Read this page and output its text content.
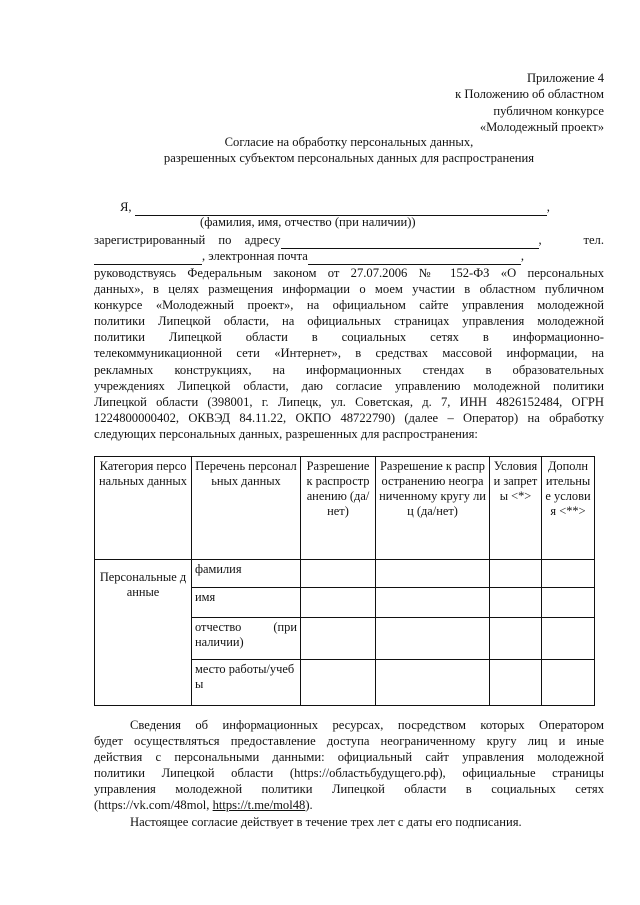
Приложение 4
к Положению об областном
публичном конкурсе
«Молодежный проект»
Согласие на обработку персональных данных,
разрешенных субъектом персональных данных для распространения
Я,	,
(фамилия, имя, отчество (при наличии))
зарегистрированный по адресу	,	тел.
, электронная почта	,
руководствуясь Федеральным законом от 27.07.2006 № 152-ФЗ «О персональных
данных», в целях размещения информации о моем участии в областном публичном
конкурсе «Молодежный проект», на официальном сайте управления молодежной
политики Липецкой области, на официальных страницах управления молодежной
политики Липецкой области в социальных сетях в информационно-
телекоммуникационной сети «Интернет», в средствах массовой информации, на
рекламных конструкциях, на информационных стендах в образовательных
учреждениях Липецкой области, даю согласие управлению молодежной политики
Липецкой области (398001, г. Липецк, ул. Советская, д. 7, ИНН 4826152484, ОГРН
1224800000402, ОКВЭД 84.11.22, ОКПО 48722790) (далее – Оператор) на обработку
следующих персональных данных, разрешенных для распространения:
Категория персональных данных	Перечень персональных данных	Разрешение к распространению (да/нет)	Разрешение к распространению неограниченному кругу лиц (да/нет)	Условия и запреты <*>	Дополнительные условия <**>
Персональные данные	фамилия				
	имя				
	отчество (при наличии)				
	место работы/учебы				
Сведения об информационных ресурсах, посредством которых Оператором
будет осуществляться предоставление доступа неограниченному кругу лиц и иные
действия с персональными данными: официальный сайт управления молодежной
политики Липецкой области (https://областьбудущего.рф), официальные страницы
управления молодежной политики Липецкой области в социальных сетях
(https://vk.com/48mol, https://t.me/mol48).
Настоящее согласие действует в течение трех лет с даты его подписания.
